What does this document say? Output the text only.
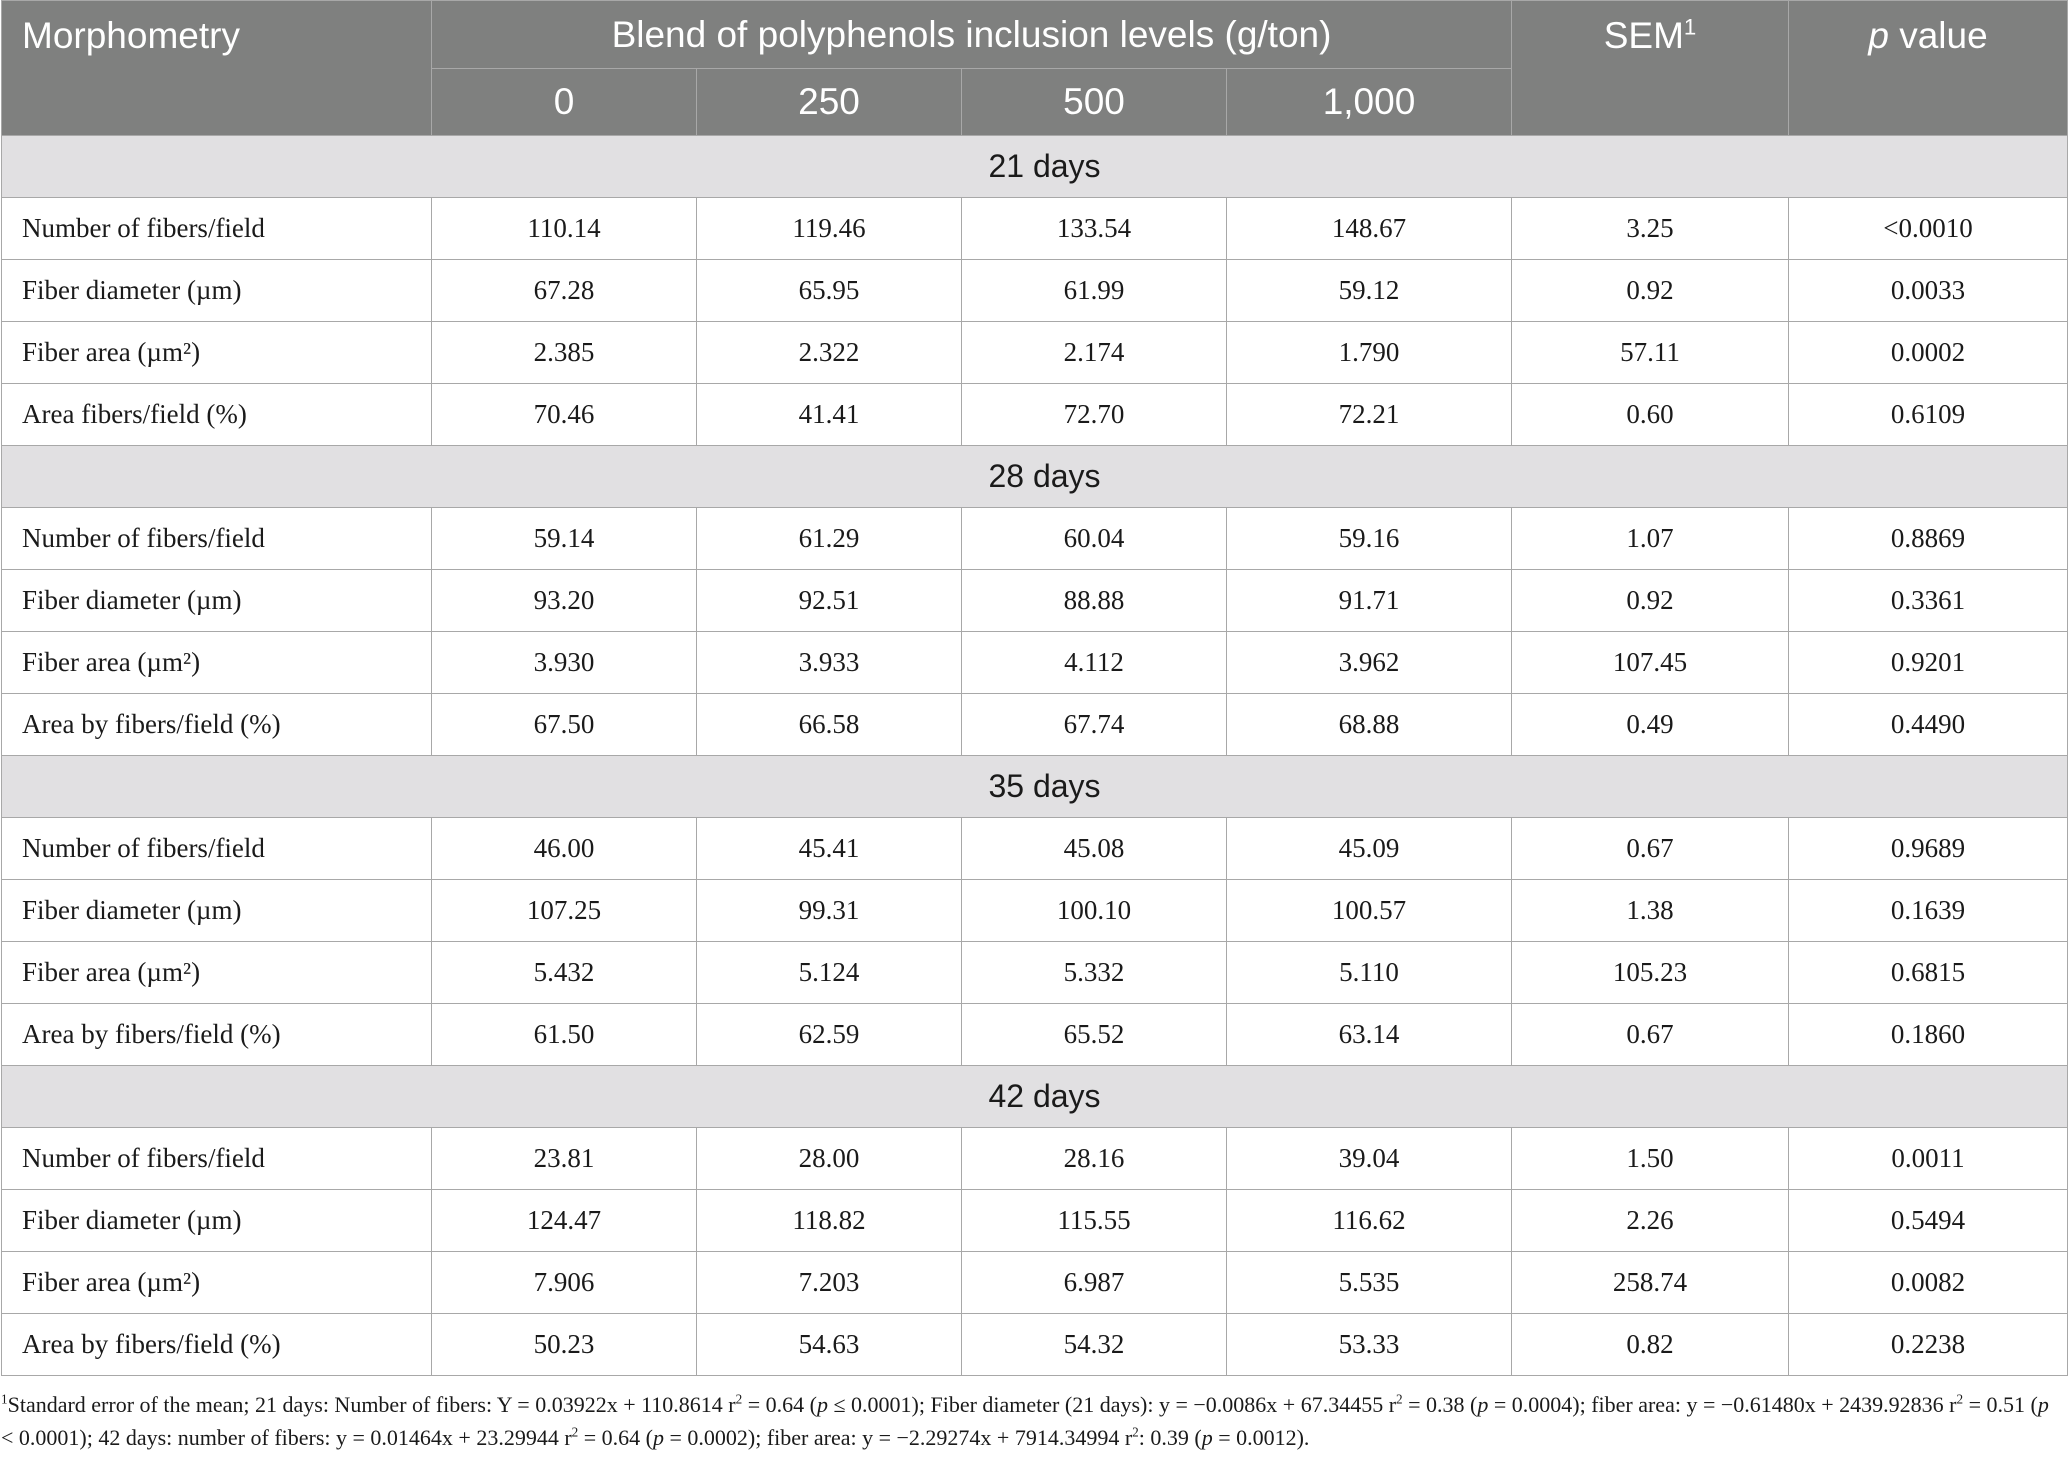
Morphometry	Blend of polyphenols inclusion levels (g/ton)				SEM$^1$	p value
	0	250	500	1,000		
21 days						
Number of fibers/field	110.14	119.46	133.54	148.67	3.25	<0.0010
Fiber diameter (µm)	67.28	65.95	61.99	59.12	0.92	0.0033
Fiber area (µm²)	2.385	2.322	2.174	1.790	57.11	0.0002
Area fibers/field (%)	70.46	41.41	72.70	72.21	0.60	0.6109
28 days						
Number of fibers/field	59.14	61.29	60.04	59.16	1.07	0.8869
Fiber diameter (µm)	93.20	92.51	88.88	91.71	0.92	0.3361
Fiber area (µm²)	3.930	3.933	4.112	3.962	107.45	0.9201
Area by fibers/field (%)	67.50	66.58	67.74	68.88	0.49	0.4490
35 days						
Number of fibers/field	46.00	45.41	45.08	45.09	0.67	0.9689
Fiber diameter (µm)	107.25	99.31	100.10	100.57	1.38	0.1639
Fiber area (µm²)	5.432	5.124	5.332	5.110	105.23	0.6815
Area by fibers/field (%)	61.50	62.59	65.52	63.14	0.67	0.1860
42 days						
Number of fibers/field	23.81	28.00	28.16	39.04	1.50	0.0011
Fiber diameter (µm)	124.47	118.82	115.55	116.62	2.26	0.5494
Fiber area (µm²)	7.906	7.203	6.987	5.535	258.74	0.0082
Area by fibers/field (%)	50.23	54.63	54.32	53.33	0.82	0.2238
$^1$Standard error of the mean; 21 days: Number of fibers: Y = 0.03922x + 110.8614 $r^2 = 0.64$ (p ≤ 0.0001); Fiber diameter (21 days): y = −0.0086x + 67.34455 $r^2 = 0.38$ (p = 0.0004); fiber area: y = −0.61480x + 2439.92836 $r^2 = 0.51$ (p < 0.0001); 42 days: number of fibers: y = 0.01464x + 23.29944 $r^2 = 0.64$ (p = 0.0002); fiber area: y = −2.29274x + 7914.34994 $r^2$: 0.39 (p = 0.0012).
